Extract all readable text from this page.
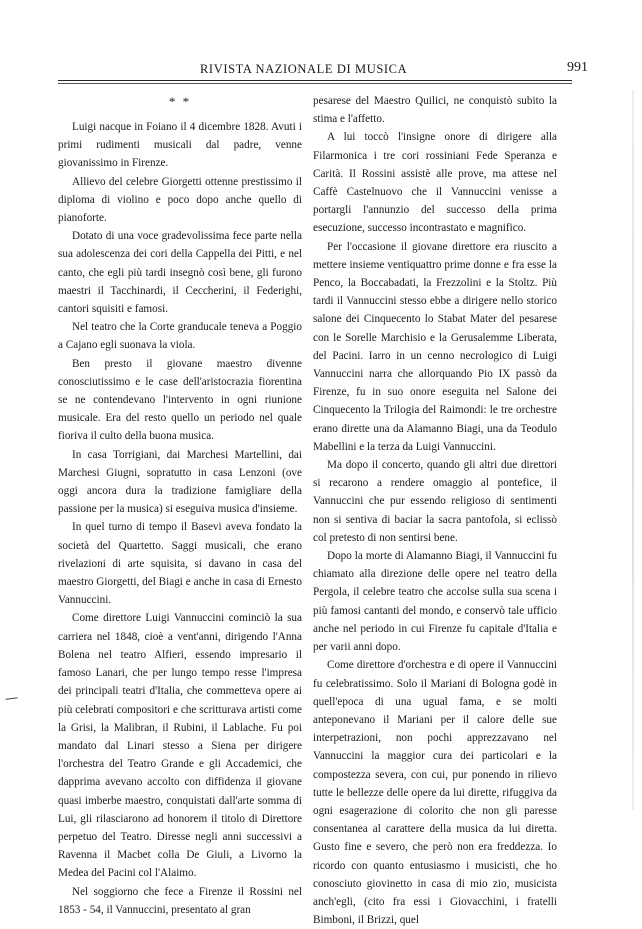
RIVISTA NAZIONALE DI MUSICA	991
* *

Luigi nacque in Foiano il 4 dicembre 1828. Avuti i primi rudimenti musicali dal padre, venne giovanissimo in Firenze.

Allievo del celebre Giorgetti ottenne prestissimo il diploma di violino e poco dopo anche quello di pianoforte.

Dotato di una voce gradevolissima fece parte nella sua adolescenza dei cori della Cappella dei Pitti, e nel canto, che egli più tardi insegnò così bene, gli furono maestri il Tacchinardi, il Ceccherini, il Federighi, cantori squisiti e famosi.

Nel teatro che la Corte granducale teneva a Poggio a Cajano egli suonava la viola.

Ben presto il giovane maestro divenne conosciutissimo e le case dell'aristocrazia fiorentina se ne contendevano l'intervento in ogni riunione musicale. Era del resto quello un periodo nel quale fioriva il culto della buona musica.

In casa Torrigiani, dai Marchesi Martellini, dai Marchesi Giugni, sopratutto in casa Lenzoni (ove oggi ancora dura la tradizione famigliare della passione per la musica) si eseguiva musica d'insieme.

In quel turno di tempo il Basevi aveva fondato la società del Quartetto. Saggi musicali, che erano rivelazioni di arte squisita, si davano in casa del maestro Giorgetti, del Biagi e anche in casa di Ernesto Vannuccini.

Come direttore Luigi Vannuccini cominciò la sua carriera nel 1848, cioè a vent'anni, dirigendo l'Anna Bolena nel teatro Alfieri, essendo impresario il famoso Lanari, che per lungo tempo resse l'impresa dei principali teatri d'Italia, che commetteva opere ai più celebrati compositori e che scritturava artisti come la Grisi, la Malibran, il Rubini, il Lablache. Fu poi mandato dal Linari stesso a Siena per dirigere l'orchestra del Teatro Grande e gli Accademici, che dapprima avevano accolto con diffidenza il giovane quasi imberbe maestro, conquistati dall'arte somma di Lui, gli rilasciarono ad honorem il titolo di Direttore perpetuo del Teatro. Diresse negli anni successivi a Ravenna il Macbet colla De Giuli, a Livorno la Medea del Pacini col l'Alaimo.

Nel soggiorno che fece a Firenze il Rossini nel 1853 - 54, il Vannuccini, presentato al gran

pesarese del Maestro Quilici, ne conquistò subito la stima e l'affetto.

A lui toccò l'insigne onore di dirigere alla Filarmonica i tre cori rossiniani Fede Speranza e Carità. Il Rossini assistè alle prove, ma attese nel Caffè Castelnuovo che il Vannuccini venisse a portargli l'annunzio del successo della prima esecuzione, successo incontrastato e magnifico.

Per l'occasione il giovane direttore era riuscito a mettere insieme ventiquattro prime donne e fra esse la Penco, la Boccabadati, la Frezzolini e la Stoltz. Più tardi il Vannuccini stesso ebbe a dirigere nello storico salone dei Cinquecento lo Stabat Mater del pesarese con le Sorelle Marchisio e la Gerusalemme Liberata, del Pacini. Iarro in un cenno necrologico di Luigi Vannuccini narra che allorquando Pio IX passò da Firenze, fu in suo onore eseguita nel Salone dei Cinquecento la Trilogia del Raimondi: le tre orchestre erano dirette una da Alamanno Biagi, una da Teodulo Mabellini e la terza da Luigi Vannuccini.

Ma dopo il concerto, quando gli altri due direttori si recarono a rendere omaggio al pontefice, il Vannuccini che pur essendo religioso di sentimenti non si sentiva di baciar la sacra pantofola, si eclissò col pretesto di non sentirsi bene.

Dopo la morte di Alamanno Biagi, il Vannuccini fu chiamato alla direzione delle opere nel teatro della Pergola, il celebre teatro che accolse sulla sua scena i più famosi cantanti del mondo, e conservò tale ufficio anche nel periodo in cui Firenze fu capitale d'Italia e per varii anni dopo.

Come direttore d'orchestra e di opere il Vannuccini fu celebratissimo. Solo il Mariani di Bologna godè in quell'epoca di una ugual fama, e se molti anteponevano il Mariani per il calore delle sue interpetrazioni, non pochi apprezzavano nel Vannuccini la maggior cura dei particolari e la compostezza severa, con cui, pur ponendo in rilievo tutte le bellezze delle opere da lui dirette, rifuggiva da ogni esagerazione di colorito che non gli paresse consentanea al carattere della musica da lui diretta. Gusto fine e severo, che però non era freddezza. Io ricordo con quanto entusiasmo i musicisti, che ho conosciuto giovinetto in casa di mio zio, musicista anch'egli, (cito fra essi i Giovacchini, i fratelli Bimboni, il Brizzi, quel
